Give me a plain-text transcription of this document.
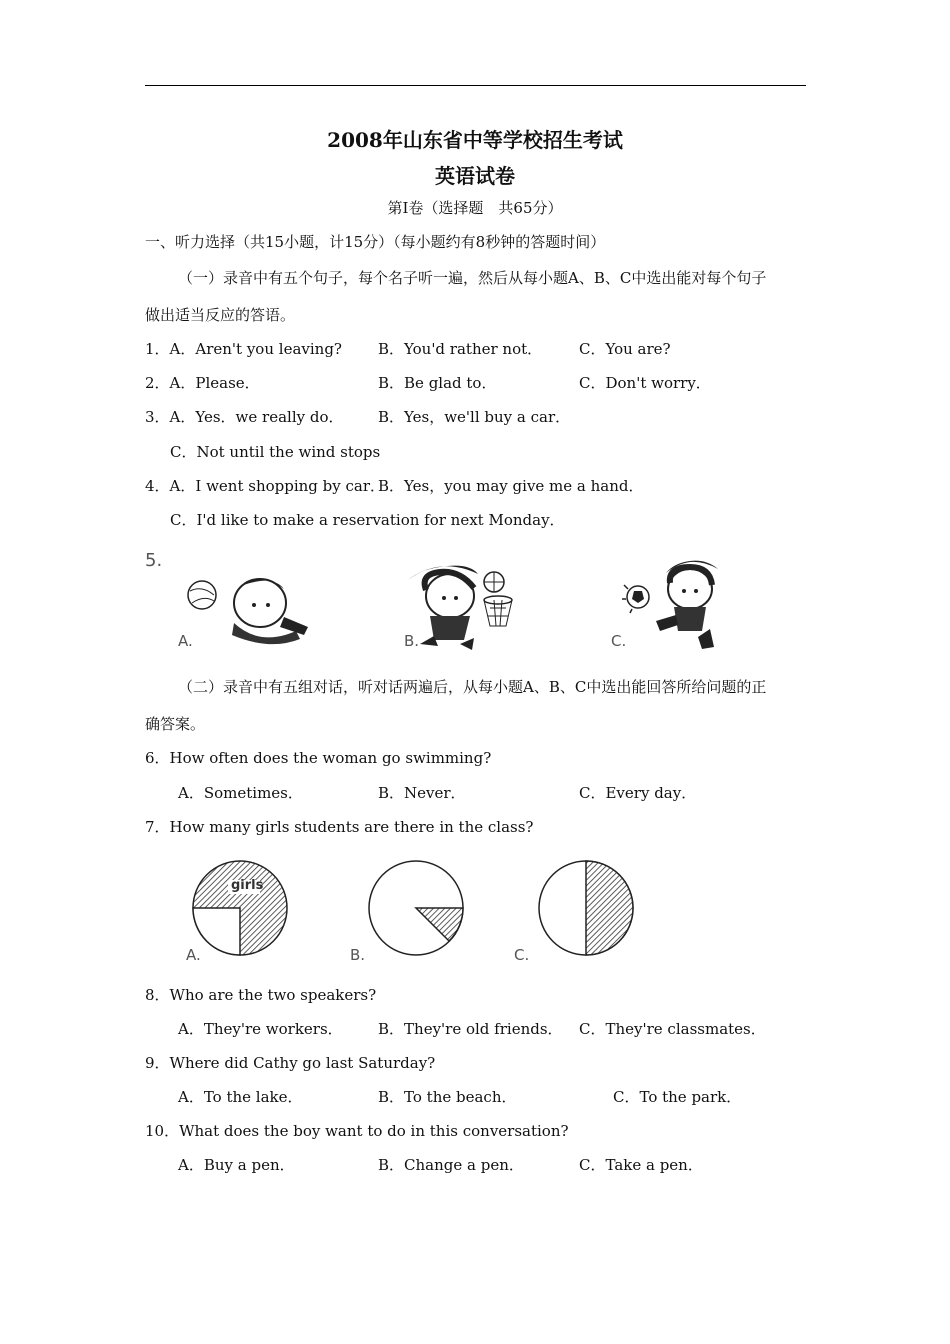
2008年山东省中等学校招生考试
英语试卷
第Ⅰ卷（选择题　共65分）
一、听力选择（共15小题，计15分）（每小题约有8秒钟的答题时间）
（一）录音中有五个句子，每个名子听一遍，然后从每小题A、B、C中选出能对每个句子
做出适当反应的答语。
1．A．Aren't you leaving? B．You'd rather not． C．You are?
2．A．Please．	B．Be glad to．	C．Don't worry．
3．A．Yes．we really do． B．Yes，we'll buy a car．
C．Not until the wind stops
4．A．I went shopping by car．
B．Yes，you may give me a hand．
C．I'd like to make a reservation for next Monday．
5.
A.	B.	C.
（二）录音中有五组对话，听对话两遍后，从每小题A、B、C中选出能回答所给问题的正
确答案。
6．How often does the woman go swimming?
A．Sometimes．	B．Never．	C．Every day．
7．How many girls students are there in the class?
girls
A.	B.	C.
8．Who are the two speakers?
A．They're workers． B．They're old friends． C．They're classmates．
9．Where did Cathy go last Saturday?
A．To the lake．	B．To the beach．	C．To the park．
10．What does the boy want to do in this conversation?
A．Buy a pen．	B．Change a pen．	C．Take a pen．
